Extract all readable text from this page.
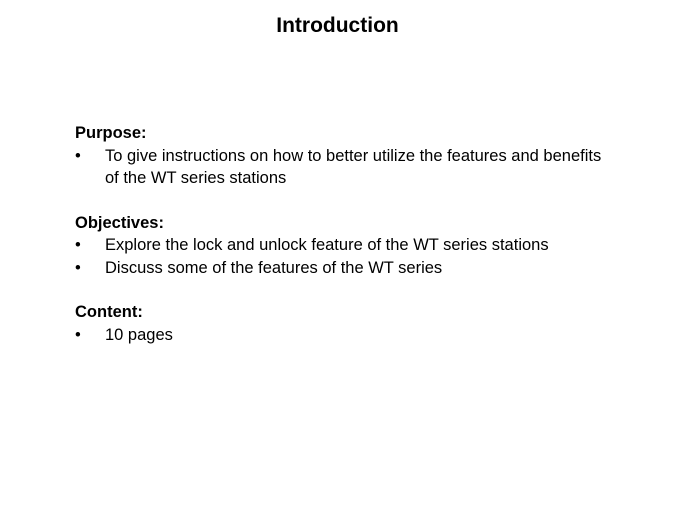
Introduction
Purpose:
• To give instructions on how to better utilize the features and benefits of the WT series stations
Objectives:
• Explore the lock and unlock feature of the WT series stations
• Discuss some of the features of the WT series
Content:
• 10 pages
